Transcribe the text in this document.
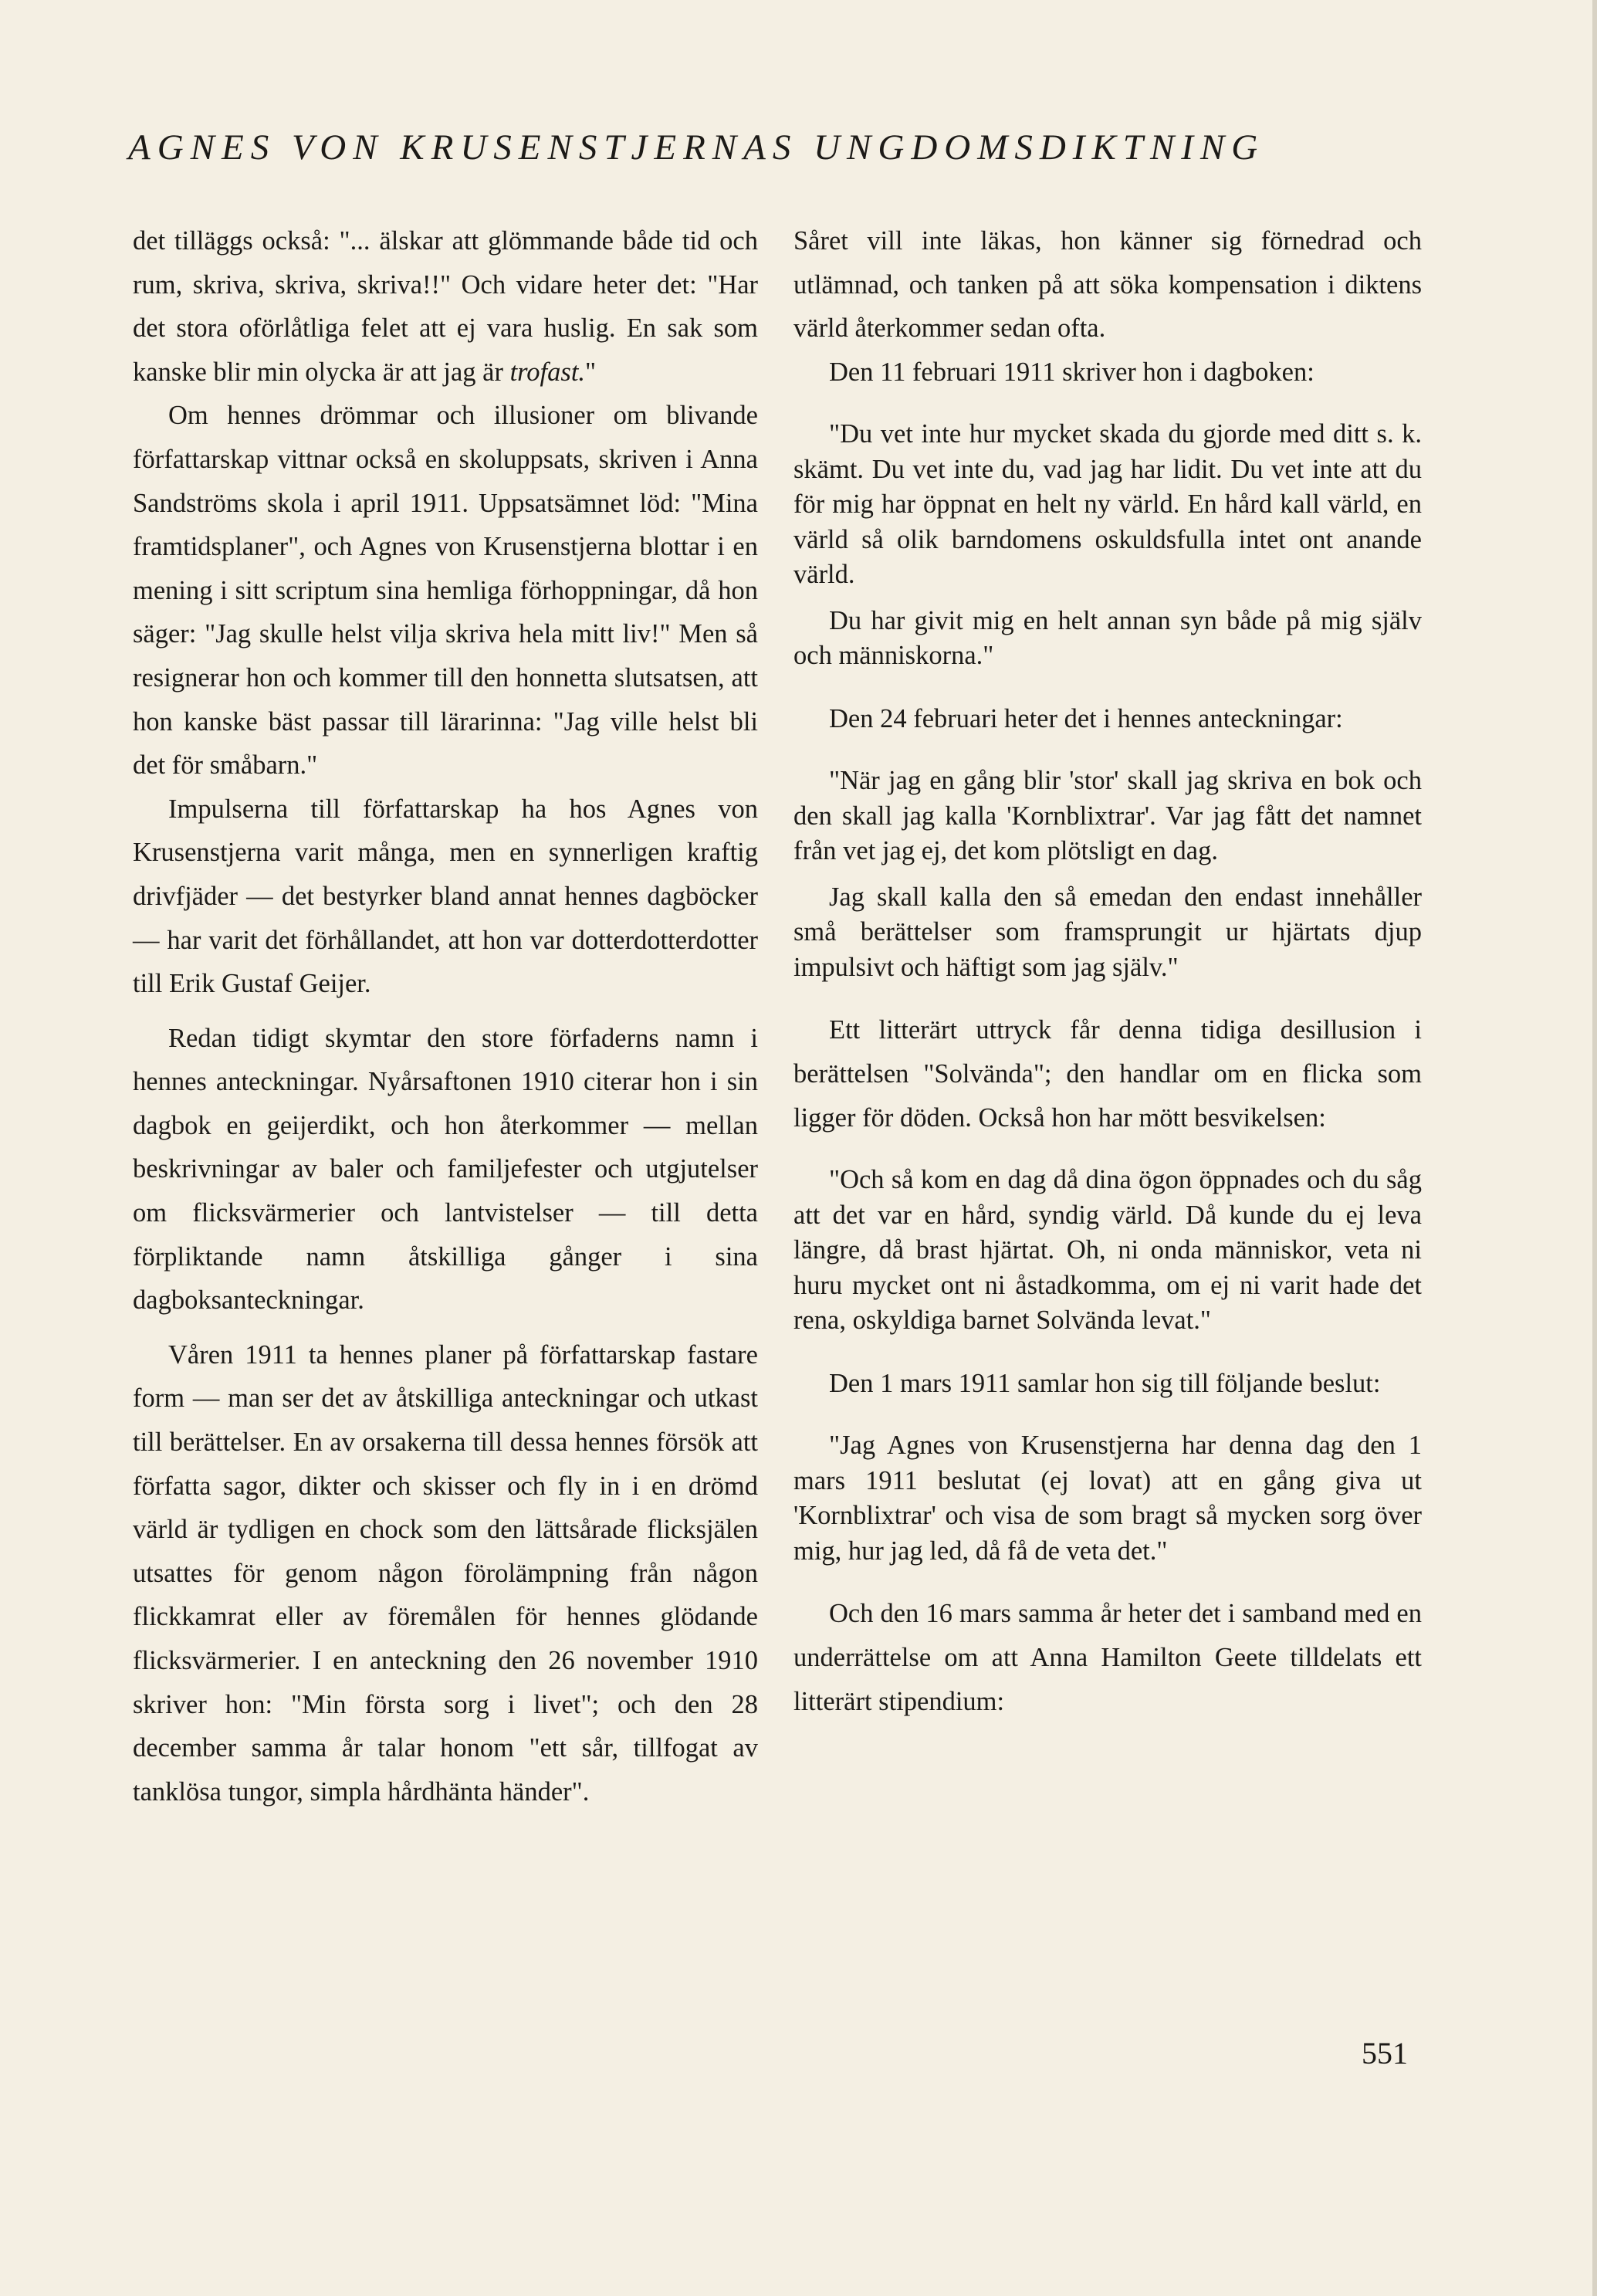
AGNES VON KRUSENSTJERNAS UNGDOMSDIKTNING

det tilläggs också: "... älskar att glömmande både tid och rum, skriva, skriva, skriva!!" Och vidare heter det: "Har det stora oförlåtliga felet att ej vara huslig. En sak som kanske blir min olycka är att jag är trofast."

Om hennes drömmar och illusioner om blivande författarskap vittnar också en skoluppsats, skriven i Anna Sandströms skola i april 1911. Uppsatsämnet löd: "Mina framtidsplaner", och Agnes von Krusenstjerna blottar i en mening i sitt scriptum sina hemliga förhoppningar, då hon säger: "Jag skulle helst vilja skriva hela mitt liv!" Men så resignerar hon och kommer till den honnetta slutsatsen, att hon kanske bäst passar till lärarinna: "Jag ville helst bli det för småbarn."

Impulserna till författarskap ha hos Agnes von Krusenstjerna varit många, men en synnerligen kraftig drivfjäder — det bestyrker bland annat hennes dagböcker — har varit det förhållandet, att hon var dotterdotterdotter till Erik Gustaf Geijer.

Redan tidigt skymtar den store förfaderns namn i hennes anteckningar. Nyårsaftonen 1910 citerar hon i sin dagbok en geijerdikt, och hon återkommer — mellan beskrivningar av baler och familjefester och utgjutelser om flicksvärmerier och lantvistelser — till detta förpliktande namn åtskilliga gånger i sina dagboksanteckningar.

Våren 1911 ta hennes planer på författarskap fastare form — man ser det av åtskilliga anteckningar och utkast till berättelser. En av orsakerna till dessa hennes försök att författa sagor, dikter och skisser och fly in i en drömd värld är tydligen en chock som den lättsårade flicksjälen utsattes för genom någon förolämpning från någon flickkamrat eller av föremålen för hennes glödande flicksvärmerier. I en anteckning den 26 november 1910 skriver hon: "Min första sorg i livet"; och den 28 december samma år talar honom "ett sår, tillfogat av tanklösa tungor, simpla hårdhänta händer".

Såret vill inte läkas, hon känner sig förnedrad och utlämnad, och tanken på att söka kompensation i diktens värld återkommer sedan ofta.

Den 11 februari 1911 skriver hon i dagboken:

"Du vet inte hur mycket skada du gjorde med ditt s. k. skämt. Du vet inte du, vad jag har lidit. Du vet inte att du för mig har öppnat en helt ny värld. En hård kall värld, en värld så olik barndomens oskuldsfulla intet ont anande värld.

Du har givit mig en helt annan syn både på mig själv och människorna."

Den 24 februari heter det i hennes anteckningar:

"När jag en gång blir 'stor' skall jag skriva en bok och den skall jag kalla 'Kornblixtrar'. Var jag fått det namnet från vet jag ej, det kom plötsligt en dag.

Jag skall kalla den så emedan den endast innehåller små berättelser som framsprungit ur hjärtats djup impulsivt och häftigt som jag själv."

Ett litterärt uttryck får denna tidiga desillusion i berättelsen "Solvända"; den handlar om en flicka som ligger för döden. Också hon har mött besvikelsen:

"Och så kom en dag då dina ögon öppnades och du såg att det var en hård, syndig värld. Då kunde du ej leva längre, då brast hjärtat. Oh, ni onda människor, veta ni huru mycket ont ni åstadkomma, om ej ni varit hade det rena, oskyldiga barnet Solvända levat."

Den 1 mars 1911 samlar hon sig till följande beslut:

"Jag Agnes von Krusenstjerna har denna dag den 1 mars 1911 beslutat (ej lovat) att en gång giva ut 'Kornblixtrar' och visa de som bragt så mycken sorg över mig, hur jag led, då få de veta det."

Och den 16 mars samma år heter det i samband med en underrättelse om att Anna Hamilton Geete tilldelats ett litterärt stipendium:

551
